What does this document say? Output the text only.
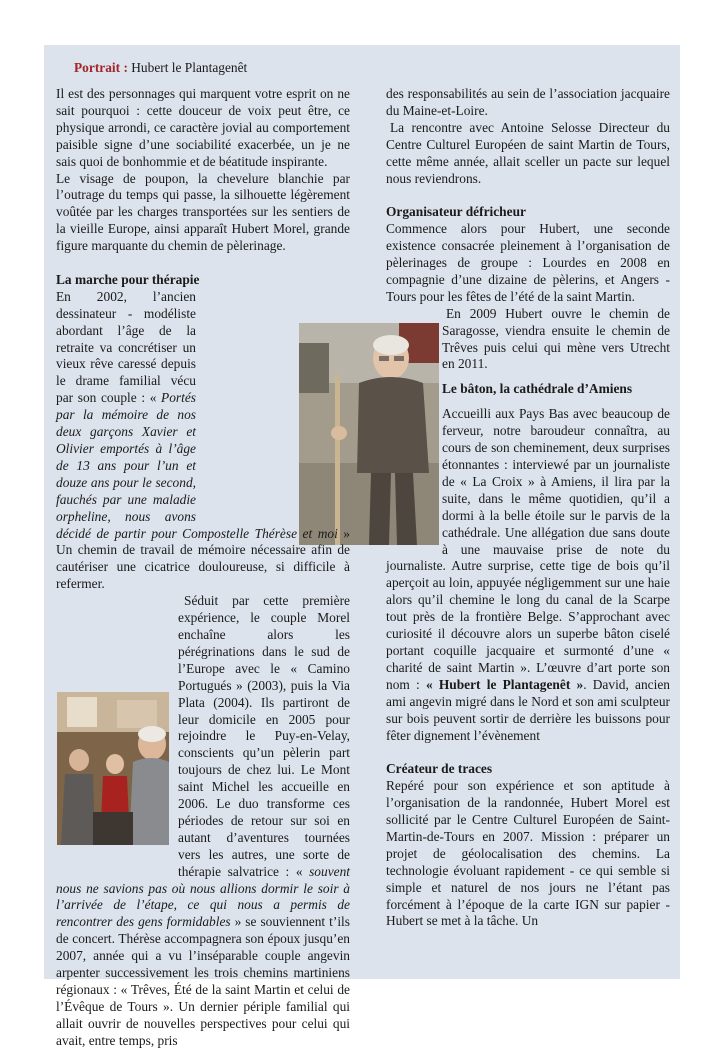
Portrait : Hubert le Plantagenêt

Il est des personnages qui marquent votre esprit on ne sait pourquoi : cette douceur de voix peut être, ce physique arrondi, ce caractère jovial au comportement paisible signe d’une sociabilité exacerbée, un je ne sais quoi de bonhommie et de béatitude inspirante.

Le visage de poupon, la chevelure blanchie par l’outrage du temps qui passe, la silhouette légèrement voûtée par les charges transportées sur les sentiers de la vieille Europe, ainsi apparaît Hubert Morel, grande figure marquante du chemin de pèlerinage.

La marche pour thérapie

En 2002, l’ancien dessinateur - modéliste abordant l’âge de la retraite va concrétiser un vieux rêve caressé depuis le drame familial vécu par son couple : « Portés par la mémoire de nos deux garçons Xavier et Olivier emportés à l’âge de 13 ans pour l’un et douze ans pour le second, fauchés par une maladie orpheline, nous avons décidé de partir pour Compostelle Thérèse et moi » Un chemin de travail de mémoire nécessaire afin de cautériser une cicatrice douloureuse, si difficile à refermer.

Séduit par cette première expérience, le couple Morel enchaîne alors les pérégrinations dans le sud de l’Europe avec le « Camino Portugués » (2003), puis la Via Plata (2004). Ils partiront de leur domicile en 2005 pour rejoindre le Puy-en-Velay, conscients qu’un pèlerin part toujours de chez lui. Le Mont saint Michel les accueille en 2006. Le duo transforme ces périodes de retour sur soi en autant d’aventures tournées vers les autres, une sorte de thérapie salvatrice : « souvent nous ne savions pas où nous allions dormir le soir à l’arrivée de l’étape, ce qui nous a permis de rencontrer des gens formidables » se souviennent t’ils de concert. Thérèse accompagnera son époux jusqu’en 2007, année qui a vu l’inséparable couple angevin arpenter successivement les trois chemins martiniens régionaux : « Trêves, Été de la saint Martin et celui de l’Évêque de Tours ». Un dernier périple familial qui allait ouvrir de nouvelles perspectives pour celui qui avait, entre temps, pris

des responsabilités au sein de l’association jacquaire du Maine-et-Loire.

La rencontre avec Antoine Selosse Directeur du Centre Culturel Européen de saint Martin de Tours, cette même année, allait sceller un pacte sur lequel nous reviendrons.

Organisateur défricheur

Commence alors pour Hubert, une seconde existence consacrée pleinement à l’organisation de pèlerinages de groupe : Lourdes en 2008 en compagnie d’une dizaine de pèlerins, et Angers - Tours pour les fêtes de l’été de la saint Martin.

En 2009 Hubert ouvre le chemin de Saragosse, viendra ensuite le chemin de Trêves puis celui qui mène vers Utrecht en 2011.

Le bâton, la cathédrale d’Amiens

Accueilli aux Pays Bas avec beaucoup de ferveur, notre baroudeur connaîtra, au cours de son cheminement, deux surprises étonnantes : interviewé par un journaliste de « La Croix » à Amiens, il lira par la suite, dans le même quotidien, qu’il a dormi à la belle étoile sur le parvis de la cathédrale. Une allégation due sans doute à une mauvaise prise de note du journaliste. Autre surprise, cette tige de bois qu’il aperçoit au loin, appuyée négligemment sur une haie alors qu’il chemine le long du canal de la Scarpe tout près de la frontière Belge. S’approchant avec curiosité il découvre alors un superbe bâton ciselé portant coquille jacquaire et surmonté d’une « charité de saint Martin ». L’œuvre d’art porte son nom : « Hubert le Plantagenêt ». David, ancien ami angevin migré dans le Nord et son ami sculpteur sur bois peuvent sortir de derrière les buissons pour fêter dignement l’évènement

Créateur de traces

Repéré pour son expérience et son aptitude à l’organisation de la randonnée, Hubert Morel est sollicité par le Centre Culturel Européen de Saint-Martin-de-Tours en 2007. Mission : préparer un projet de géolocalisation des chemins. La technologie évoluant rapidement - ce qui semble si simple et naturel de nos jours ne l’étant pas forcément à l’époque de la carte IGN sur papier - Hubert se met à la tâche. Un
